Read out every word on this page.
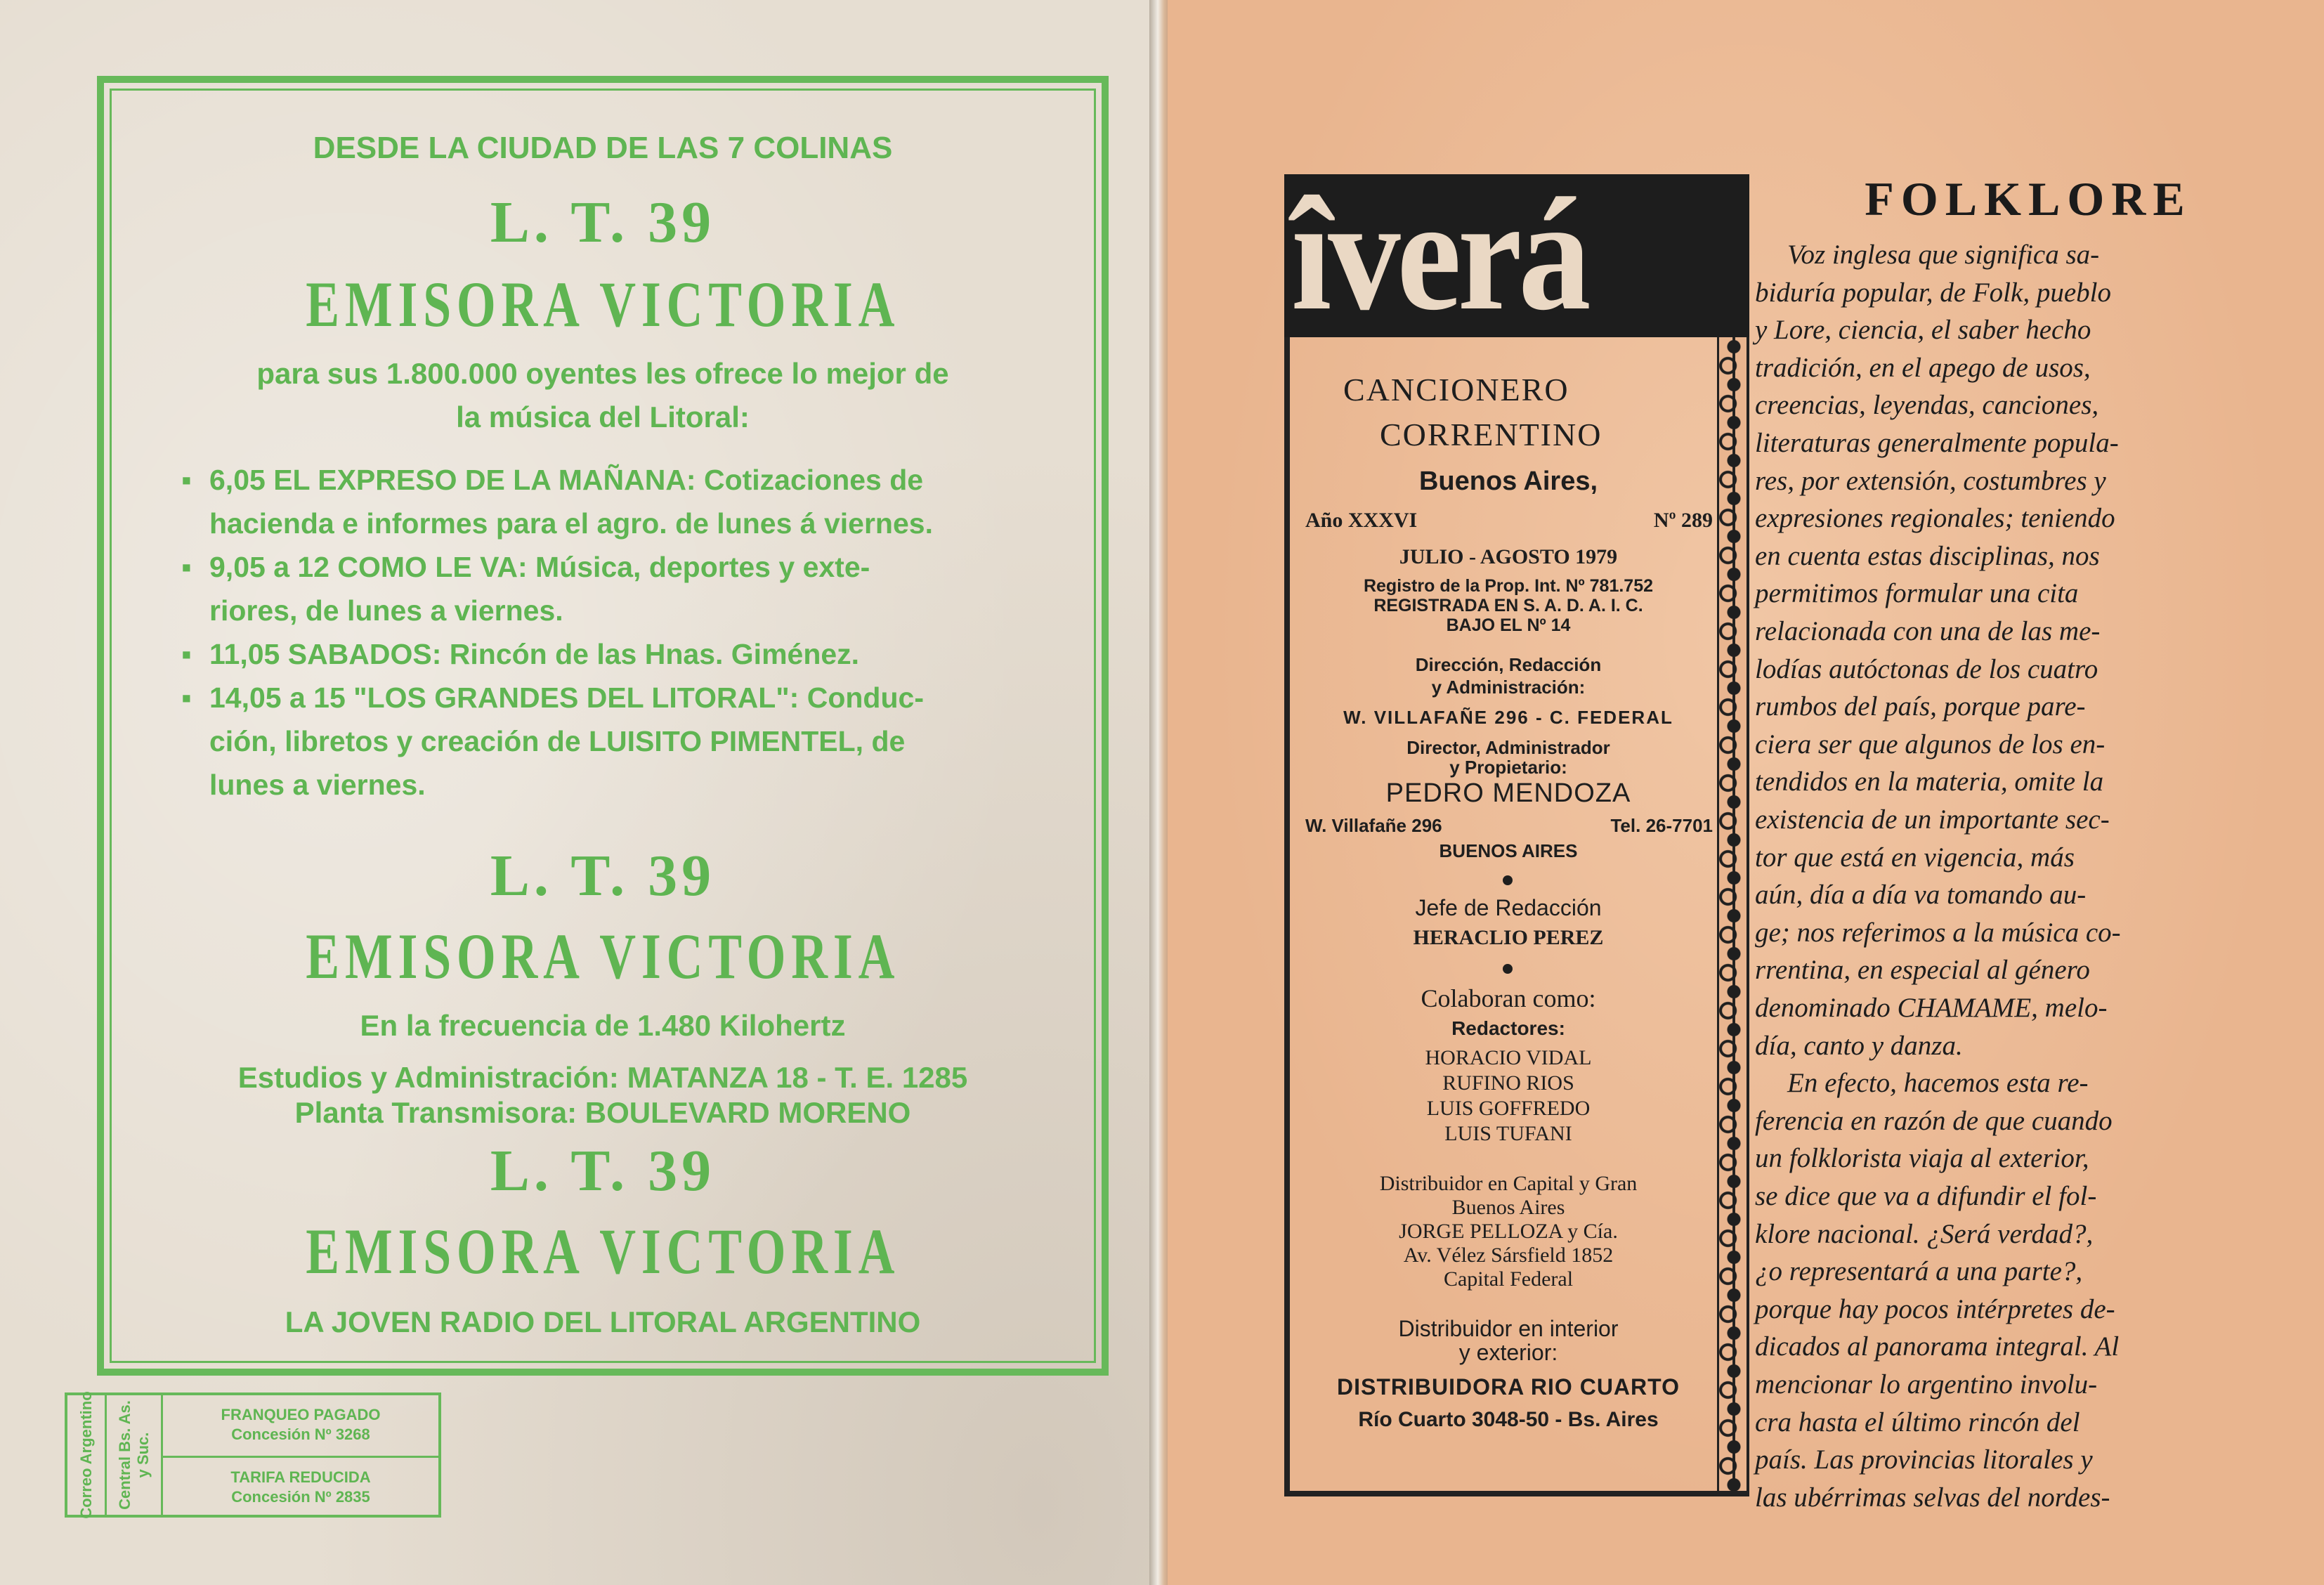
DESDE LA CIUDAD DE LAS 7 COLINAS
L. T. 39
EMISORA VICTORIA
para sus 1.800.000 oyentes les ofrece lo mejor de
la música del Litoral:
▪ 6,05 EL EXPRESO DE LA MAÑANA: Cotizaciones de
hacienda e informes para el agro. de lunes á viernes.
▪ 9,05 a 12 COMO LE VA: Música, deportes y exte-
riores, de lunes a viernes.
▪ 11,05 SABADOS: Rincón de las Hnas. Giménez.
▪ 14,05 a 15 "LOS GRANDES DEL LITORAL": Conduc-
ción, libretos y creación de LUISITO PIMENTEL, de
lunes a viernes.
L. T. 39
EMISORA VICTORIA
En la frecuencia de 1.480 Kilohertz
Estudios y Administración: MATANZA 18 - T. E. 1285
Planta Transmisora: BOULEVARD MORENO
L. T. 39
EMISORA VICTORIA
LA JOVEN RADIO DEL LITORAL ARGENTINO
Correo Argentino Central Bs. As. y Suc.
FRANQUEO PAGADO
Concesión Nº 3268
TARIFA REDUCIDA
Concesión Nº 2835
îverá
CANCIONERO
CORRENTINO
Buenos Aires,
Año XXXVI	Nº 289
JULIO - AGOSTO 1979
Registro de la Prop. Int. Nº 781.752
REGISTRADA EN S. A. D. A. I. C.
BAJO EL Nº 14
Dirección, Redacción
y Administración:
W. VILLAFAÑE 296 - C. FEDERAL
Director, Administrador
y Propietario:
PEDRO MENDOZA
W. Villafañe 296	Tel. 26-7701
BUENOS AIRES
Jefe de Redacción
HERACLIO PEREZ
Colaboran como:
Redactores:
HORACIO VIDAL
RUFINO RIOS
LUIS GOFFREDO
LUIS TUFANI
Distribuidor en Capital y Gran
Buenos Aires
JORGE PELLOZA y Cía.
Av. Vélez Sársfield 1852
Capital Federal
Distribuidor en interior
y exterior:
DISTRIBUIDORA RIO CUARTO
Río Cuarto 3048-50 - Bs. Aires
FOLKLORE
Voz inglesa que significa sa-
biduría popular, de Folk, pueblo
y Lore, ciencia, el saber hecho
tradición, en el apego de usos,
creencias, leyendas, canciones,
literaturas generalmente popula-
res, por extensión, costumbres y
expresiones regionales; teniendo
en cuenta estas disciplinas, nos
permitimos formular una cita
relacionada con una de las me-
lodías autóctonas de los cuatro
rumbos del país, porque pare-
ciera ser que algunos de los en-
tendidos en la materia, omite la
existencia de un importante sec-
tor que está en vigencia, más
aún, día a día va tomando au-
ge; nos referimos a la música co-
rrentina, en especial al género
denominado CHAMAME, melo-
día, canto y danza.
En efecto, hacemos esta re-
ferencia en razón de que cuando
un folklorista viaja al exterior,
se dice que va a difundir el fol-
klore nacional. ¿Será verdad?,
¿o representará a una parte?,
porque hay pocos intérpretes de-
dicados al panorama integral. Al
mencionar lo argentino involu-
cra hasta el último rincón del
país. Las provincias litorales y
las ubérrimas selvas del nordes-
